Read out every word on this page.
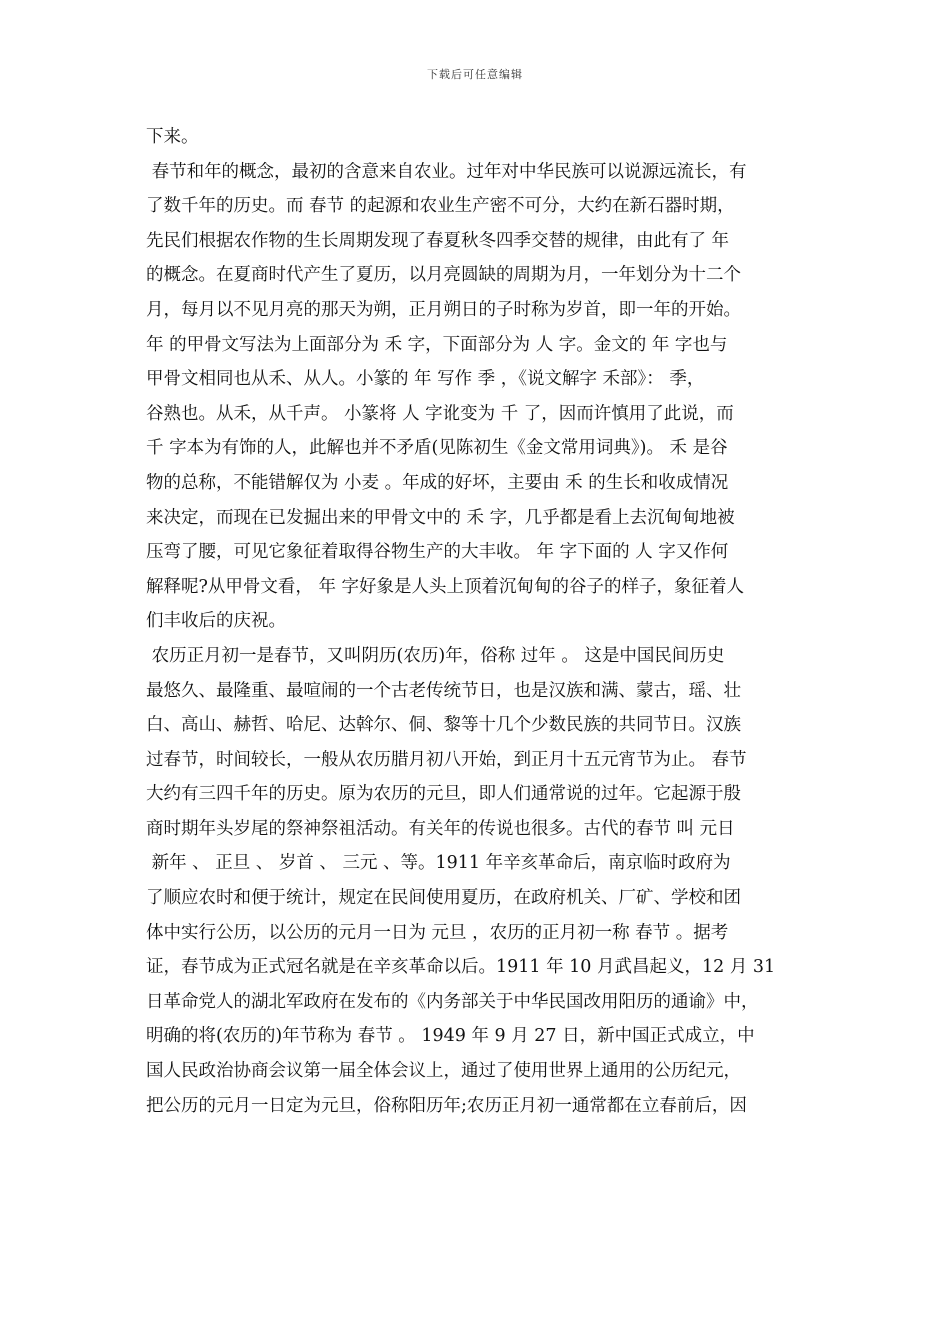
下载后可任意编辑
下来。
春节和年的概念，最初的含意来自农业。过年对中华民族可以说源远流长，有
了数千年的历史。而 春节 的起源和农业生产密不可分，大约在新石器时期，
先民们根据农作物的生长周期发现了春夏秋冬四季交替的规律，由此有了 年
的概念。在夏商时代产生了夏历，以月亮圆缺的周期为月，一年划分为十二个
月，每月以不见月亮的那天为朔，正月朔日的子时称为岁首，即一年的开始。
年 的甲骨文写法为上面部分为 禾 字，下面部分为 人 字。金文的 年 字也与
甲骨文相同也从禾、从人。小篆的 年 写作 季 ，《说文解字 禾部》： 季，
谷熟也。从禾，从千声。 小篆将 人 字讹变为 千 了，因而许慎用了此说，而
千 字本为有饰的人，此解也并不矛盾(见陈初生《金文常用词典》)。 禾 是谷
物的总称，不能错解仅为 小麦 。年成的好坏，主要由 禾 的生长和收成情况
来决定，而现在已发掘出来的甲骨文中的 禾 字，几乎都是看上去沉甸甸地被
压弯了腰，可见它象征着取得谷物生产的大丰收。 年 字下面的 人 字又作何
解释呢?从甲骨文看， 年 字好象是人头上顶着沉甸甸的谷子的样子，象征着人
们丰收后的庆祝。
农历正月初一是春节，又叫阴历(农历)年，俗称 过年 。 这是中国民间历史
最悠久、最隆重、最喧闹的一个古老传统节日，也是汉族和满、蒙古，瑶、壮
白、高山、赫哲、哈尼、达斡尔、侗、黎等十几个少数民族的共同节日。汉族
过春节，时间较长，一般从农历腊月初八开始，到正月十五元宵节为止。 春节
大约有三四千年的历史。原为农历的元旦，即人们通常说的过年。它起源于殷
商时期年头岁尾的祭神祭祖活动。有关年的传说也很多。古代的春节 叫 元日
新年 、 正旦 、 岁首 、 三元 、等。1911 年辛亥革命后，南京临时政府为
了顺应农时和便于统计，规定在民间使用夏历，在政府机关、厂矿、学校和团
体中实行公历，以公历的元月一日为 元旦 ，农历的正月初一称 春节 。据考
证，春节成为正式冠名就是在辛亥革命以后。1911 年 10 月武昌起义，12 月 31
日革命党人的湖北军政府在发布的《内务部关于中华民国改用阳历的通谕》中，
明确的将(农历的)年节称为 春节 。 1949 年 9 月 27 日，新中国正式成立，中
国人民政治协商会议第一届全体会议上，通过了使用世界上通用的公历纪元，
把公历的元月一日定为元旦，俗称阳历年;农历正月初一通常都在立春前后，因
